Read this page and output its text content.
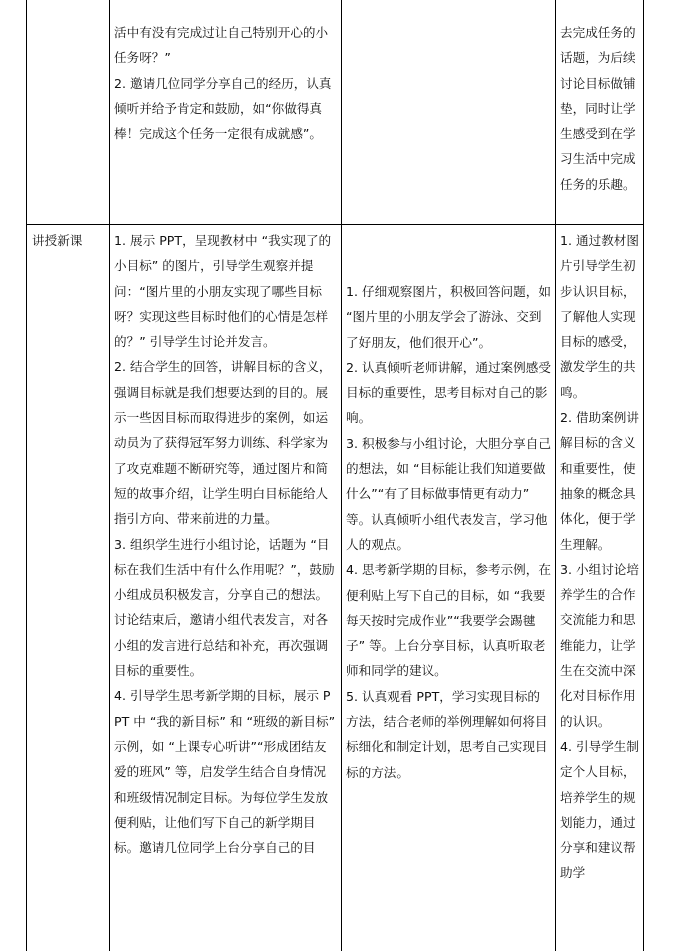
活中有没有完成过让自己特别开心的小任务呀？”

2. 邀请几位同学分享自己的经历，认真倾听并给予肯定和鼓励，如“你做得真棒！完成这个任务一定很有成就感”。

去完成任务的话题，为后续讨论目标做铺垫，同时让学生感受到在学习生活中完成任务的乐趣。

讲授新课	1. 展示 PPT，呈现教材中 “我实现了的小目标” 的图片，引导学生观察并提问：“图片里的小朋友实现了哪些目标呀？实现这些目标时他们的心情是怎样的？” 引导学生讨论并发言。

2. 结合学生的回答，讲解目标的含义，强调目标就是我们想要达到的目的。展示一些因目标而取得进步的案例，如运动员为了获得冠军努力训练、科学家为了攻克难题不断研究等，通过图片和简短的故事介绍，让学生明白目标能给人指引方向、带来前进的力量。

3. 组织学生进行小组讨论，话题为 “目标在我们生活中有什么作用呢？”，鼓励小组成员积极发言，分享自己的想法。讨论结束后，邀请小组代表发言，对各小组的发言进行总结和补充，再次强调目标的重要性。

4. 引导学生思考新学期的目标，展示 PPT 中 “我的新目标” 和 “班级的新目标” 示例，如 “上课专心听讲”“形成团结友爱的班风” 等，启发学生结合自身情况和班级情况制定目标。为每位学生发放便利贴，让他们写下自己的新学期目标。邀请几位同学上台分享自己的目

1. 仔细观察图片，积极回答问题，如 “图片里的小朋友学会了游泳、交到了好朋友，他们很开心”。

2. 认真倾听老师讲解，通过案例感受目标的重要性，思考目标对自己的影响。

3. 积极参与小组讨论，大胆分享自己的想法，如 “目标能让我们知道要做什么”“有了目标做事情更有动力” 等。认真倾听小组代表发言，学习他人的观点。

4. 思考新学期的目标，参考示例，在便利贴上写下自己的目标，如 “我要每天按时完成作业”“我要学会踢毽子” 等。上台分享目标，认真听取老师和同学的建议。

5. 认真观看 PPT，学习实现目标的方法，结合老师的举例理解如何将目标细化和制定计划，思考自己实现目标的方法。

1. 通过教材图片引导学生初步认识目标，了解他人实现目标的感受，激发学生的共鸣。

2. 借助案例讲解目标的含义和重要性，使抽象的概念具体化，便于学生理解。

3. 小组讨论培养学生的合作交流能力和思维能力，让学生在交流中深化对目标作用的认识。

4. 引导学生制定个人目标，培养学生的规划能力，通过分享和建议帮助学
